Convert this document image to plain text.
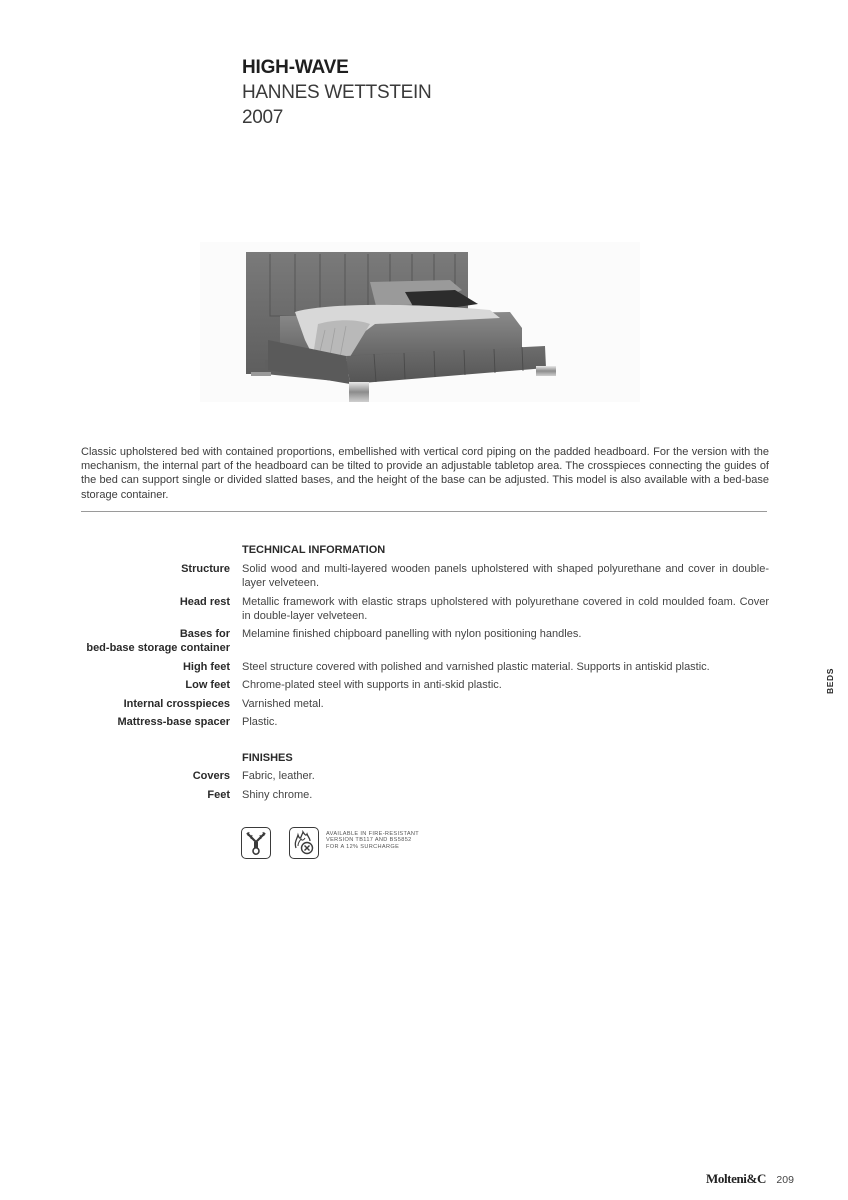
HIGH-WAVE
HANNES WETTSTEIN
2007
Classic upholstered bed with contained proportions, embellished with vertical cord piping on the padded headboard. For the version with the mechanism, the internal part of the headboard can be tilted to provide an adjustable tabletop area. The crosspieces connecting the guides of the bed can support single or divided slatted bases, and the height of the base can be adjusted. This model is also available with a bed-base storage container.
TECHNICAL INFORMATION
Structure Solid wood and multi-layered wooden panels upholstered with shaped polyurethane and cover in double-layer velveteen.
Head rest Metallic framework with elastic straps upholstered with polyurethane covered in cold moulded foam. Cover in double-layer velveteen.
Bases for
bed-base storage container
Melamine finished chipboard panelling with nylon positioning handles.
High feet Steel structure covered with polished and varnished plastic material. Supports in antiskid plastic.
Low feet Chrome-plated steel with supports in anti-skid plastic.
Internal crosspieces Varnished metal.
Mattress-base spacer Plastic.
FINISHES
Covers Fabric, leather.
Feet Shiny chrome.
AVAILABLE IN FIRE-RESISTANT
VERSION TB117 AND BS5852
FOR A 12% SURCHARGE
BEDS
Molteni&C 209
